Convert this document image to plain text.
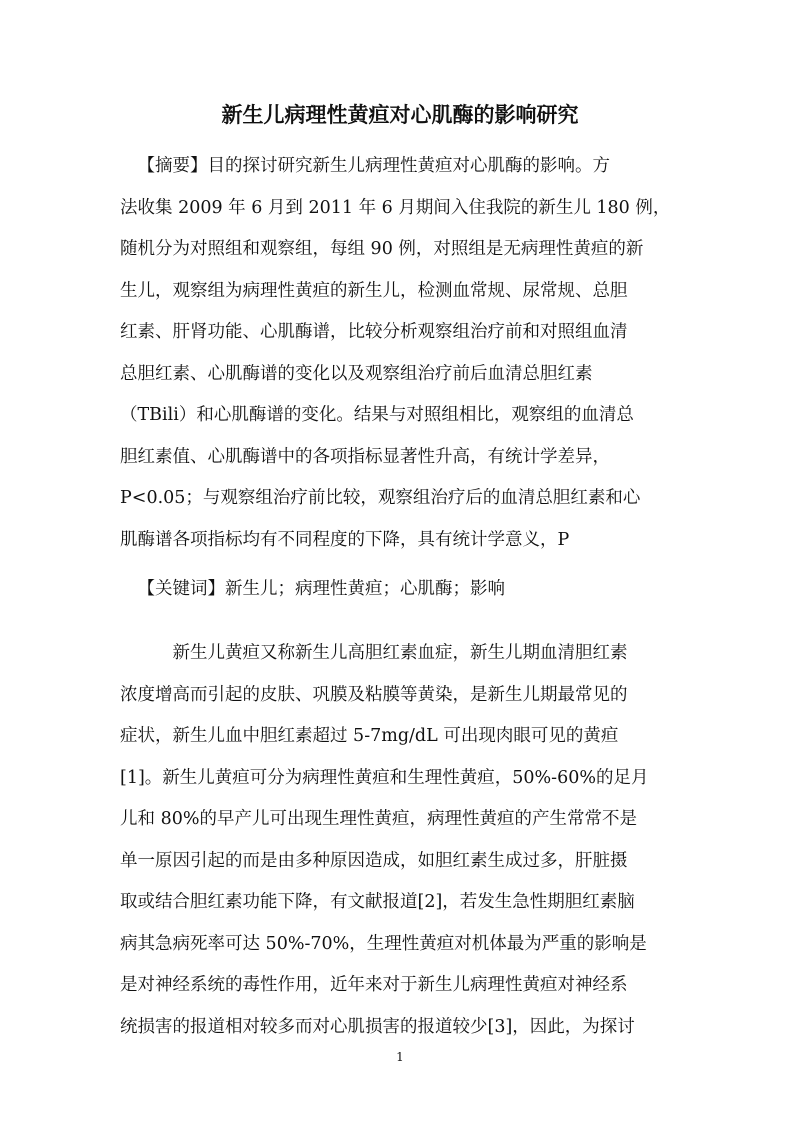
新生儿病理性黄疸对心肌酶的影响研究
【摘要】目的探讨研究新生儿病理性黄疸对心肌酶的影响。方
法收集 2009 年 6 月到 2011 年 6 月期间入住我院的新生儿 180 例，
随机分为对照组和观察组，每组 90 例，对照组是无病理性黄疸的新
生儿，观察组为病理性黄疸的新生儿，检测血常规、尿常规、总胆
红素、肝肾功能、心肌酶谱，比较分析观察组治疗前和对照组血清
总胆红素、心肌酶谱的变化以及观察组治疗前后血清总胆红素
（TBili）和心肌酶谱的变化。结果与对照组相比，观察组的血清总
胆红素值、心肌酶谱中的各项指标显著性升高，有统计学差异，
P<0.05；与观察组治疗前比较，观察组治疗后的血清总胆红素和心
肌酶谱各项指标均有不同程度的下降，具有统计学意义，P
【关键词】新生儿；病理性黄疸；心肌酶；影响
新生儿黄疸又称新生儿高胆红素血症，新生儿期血清胆红素
浓度增高而引起的皮肤、巩膜及粘膜等黄染，是新生儿期最常见的
症状，新生儿血中胆红素超过 5-7mg/dL 可出现肉眼可见的黄疸
[1]。新生儿黄疸可分为病理性黄疸和生理性黄疸，50%-60%的足月
儿和 80%的早产儿可出现生理性黄疸，病理性黄疸的产生常常不是
单一原因引起的而是由多种原因造成，如胆红素生成过多，肝脏摄
取或结合胆红素功能下降，有文献报道[2]，若发生急性期胆红素脑
病其急病死率可达 50%-70%，生理性黄疸对机体最为严重的影响是
是对神经系统的毒性作用，近年来对于新生儿病理性黄疸对神经系
统损害的报道相对较多而对心肌损害的报道较少[3]，因此，为探讨
1
